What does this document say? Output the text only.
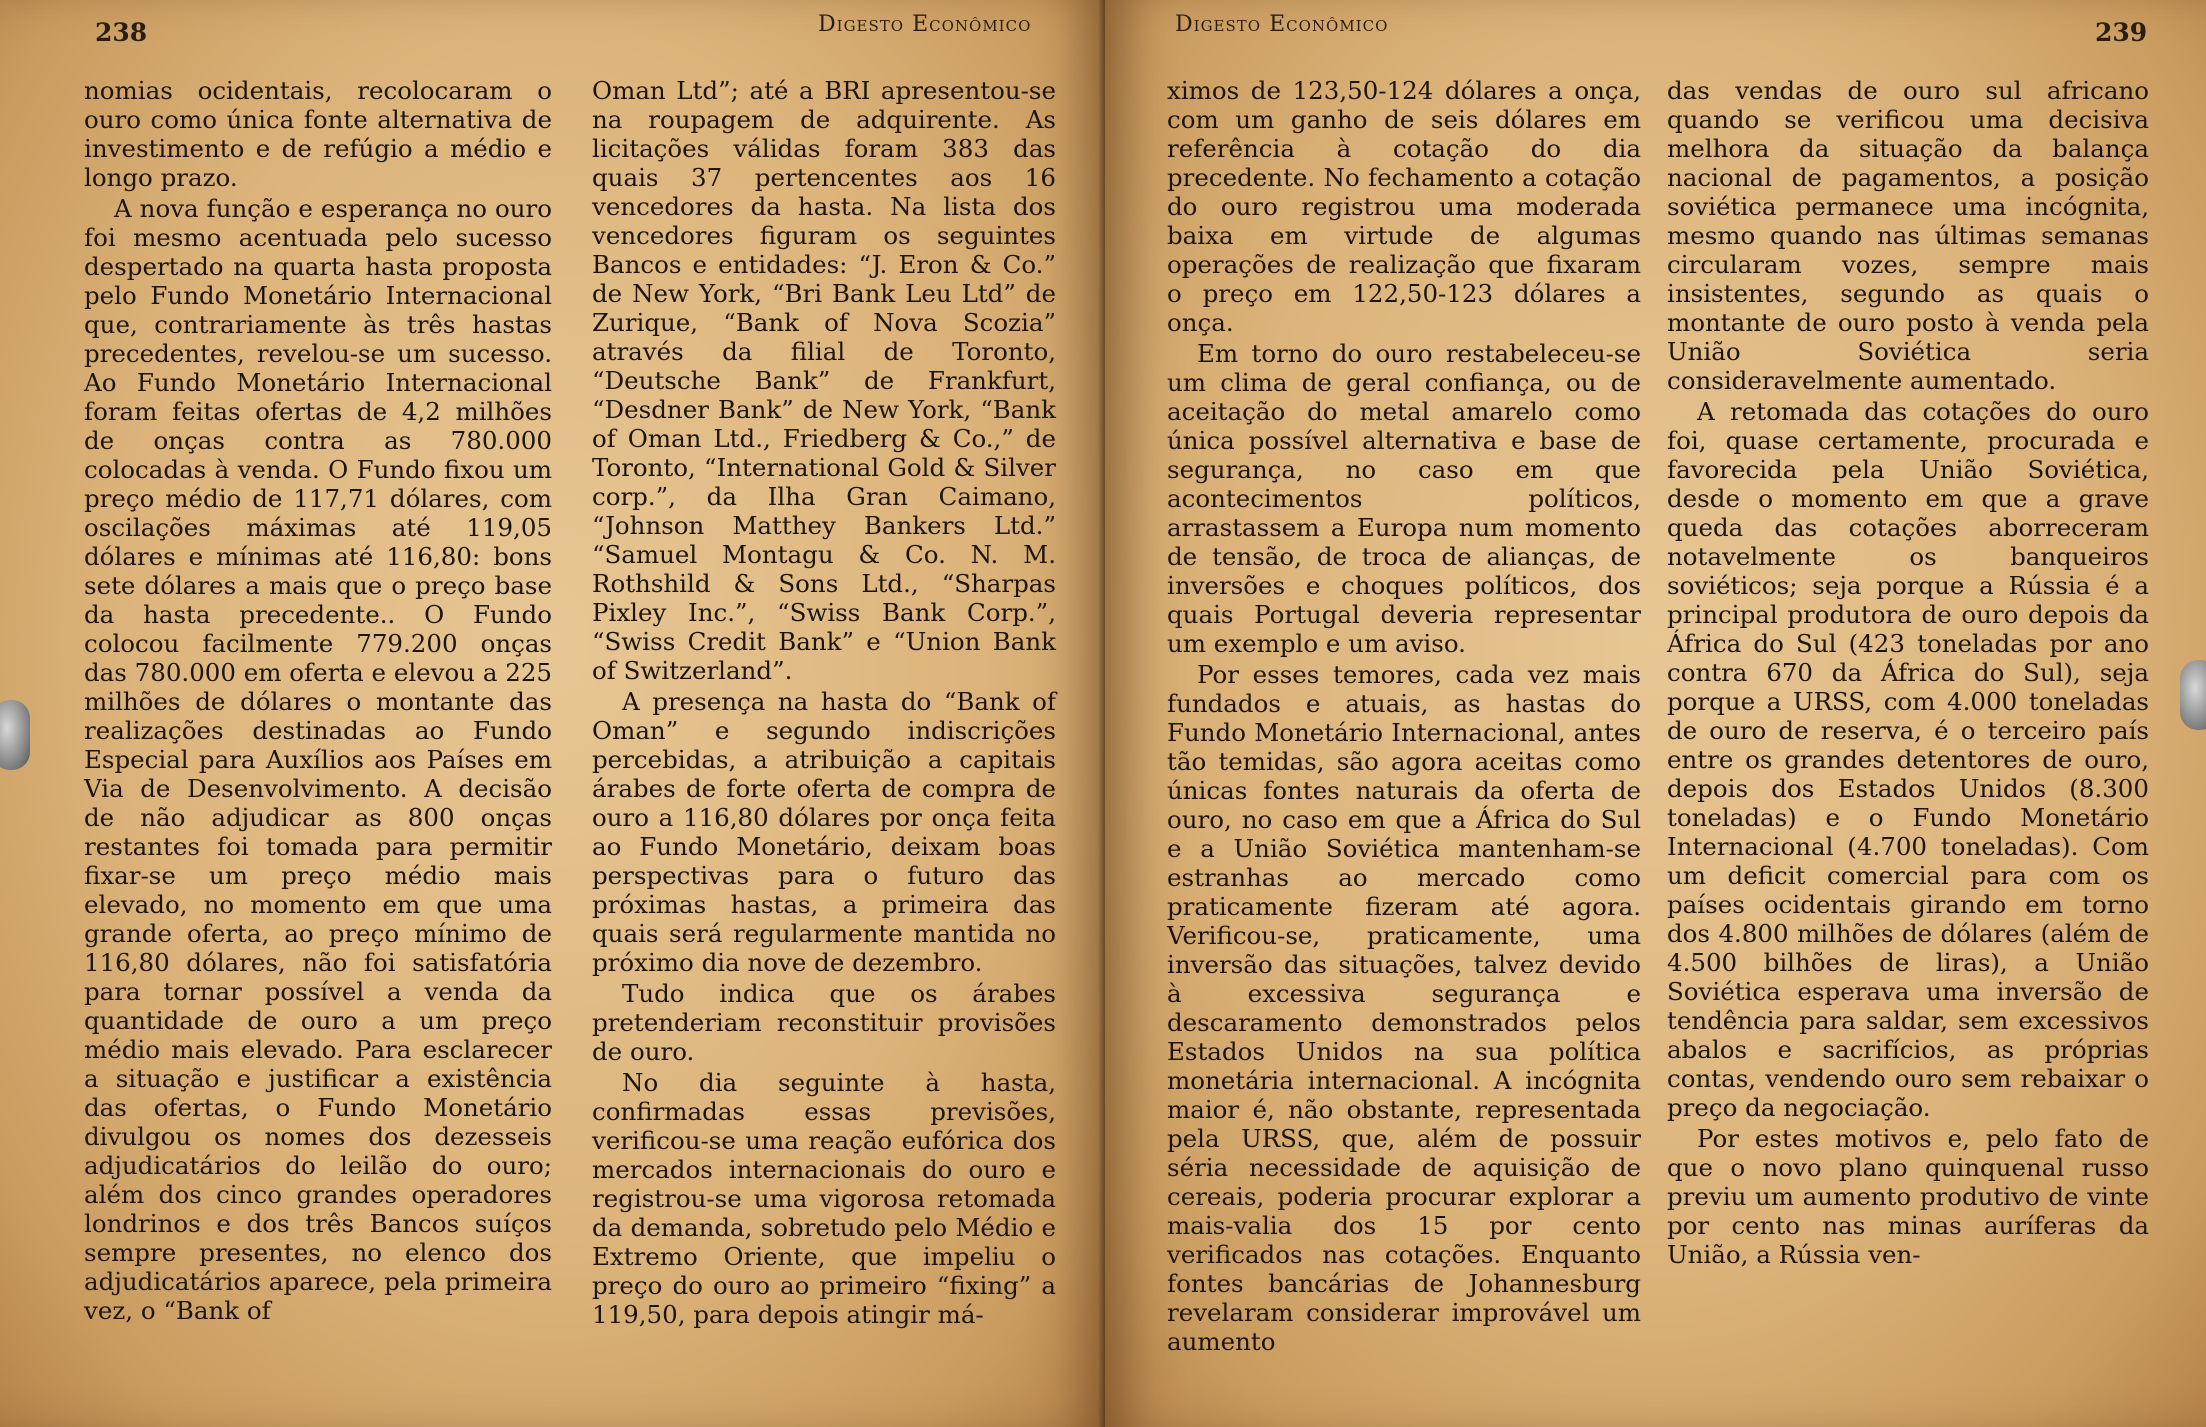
238	Digesto Econômico

nomias ocidentais, recolocaram o ouro como única fonte alternativa de investimento e de refúgio a médio e longo prazo.

A nova função e esperança no ouro foi mesmo acentuada pelo sucesso despertado na quarta hasta proposta pelo Fundo Monetário Internacional que, contrariamente às três hastas precedentes, revelou-se um sucesso. Ao Fundo Monetário Internacional foram feitas ofertas de 4,2 milhões de onças contra as 780.000 colocadas à venda. O Fundo fixou um preço médio de 117,71 dólares, com oscilações máximas até 119,05 dólares e mínimas até 116,80: bons sete dólares a mais que o preço base da hasta precedente.. O Fundo colocou facilmente 779.200 onças das 780.000 em oferta e elevou a 225 milhões de dólares o montante das realizações destinadas ao Fundo Especial para Auxílios aos Países em Via de Desenvolvimento. A decisão de não adjudicar as 800 onças restantes foi tomada para permitir fixar-se um preço médio mais elevado, no momento em que uma grande oferta, ao preço mínimo de 116,80 dólares, não foi satisfatória para tornar possível a venda da quantidade de ouro a um preço médio mais elevado. Para esclarecer a situação e justificar a existência das ofertas, o Fundo Monetário divulgou os nomes dos dezesseis adjudicatários do leilão do ouro; além dos cinco grandes operadores londrinos e dos três Bancos suíços sempre presentes, no elenco dos adjudicatários aparece, pela primeira vez, o “Bank of

Oman Ltd”; até a BRI apresentou-se na roupagem de adquirente. As licitações válidas foram 383 das quais 37 pertencentes aos 16 vencedores da hasta. Na lista dos vencedores figuram os seguintes Bancos e entidades: “J. Eron & Co.” de New York, “Bri Bank Leu Ltd” de Zurique, “Bank of Nova Scozia” através da filial de Toronto, “Deutsche Bank” de Frankfurt, “Desdner Bank” de New York, “Bank of Oman Ltd., Friedberg & Co.,” de Toronto, “International Gold & Silver corp.”, da Ilha Gran Caimano, “Johnson Matthey Bankers Ltd.” “Samuel Montagu & Co. N. M. Rothshild & Sons Ltd., “Sharpas Pixley Inc.”, “Swiss Bank Corp.”, “Swiss Credit Bank” e “Union Bank of Switzerland”.

A presença na hasta do “Bank of Oman” e segundo indiscrições percebidas, a atribuição a capitais árabes de forte oferta de compra de ouro a 116,80 dólares por onça feita ao Fundo Monetário, deixam boas perspectivas para o futuro das próximas hastas, a primeira das quais será regularmente mantida no próximo dia nove de dezembro.

Tudo indica que os árabes pretenderiam reconstituir provisões de ouro.

No dia seguinte à hasta, confirmadas essas previsões, verificou-se uma reação eufórica dos mercados internacionais do ouro e registrou-se uma vigorosa retomada da demanda, sobretudo pelo Médio e Extremo Oriente, que impeliu o preço do ouro ao primeiro “fixing” a 119,50, para depois atingir má-

Digesto Econômico	239

ximos de 123,50-124 dólares a onça, com um ganho de seis dólares em referência à cotação do dia precedente. No fechamento a cotação do ouro registrou uma moderada baixa em virtude de algumas operações de realização que fixaram o preço em 122,50-123 dólares a onça.

Em torno do ouro restabeleceu-se um clima de geral confiança, ou de aceitação do metal amarelo como única possível alternativa e base de segurança, no caso em que acontecimentos políticos, arrastassem a Europa num momento de tensão, de troca de alianças, de inversões e choques políticos, dos quais Portugal deveria representar um exemplo e um aviso.

Por esses temores, cada vez mais fundados e atuais, as hastas do Fundo Monetário Internacional, antes tão temidas, são agora aceitas como únicas fontes naturais da oferta de ouro, no caso em que a África do Sul e a União Soviética mantenham-se estranhas ao mercado como praticamente fizeram até agora. Verificou-se, praticamente, uma inversão das situações, talvez devido à excessiva segurança e descaramento demonstrados pelos Estados Unidos na sua política monetária internacional. A incógnita maior é, não obstante, representada pela URSS, que, além de possuir séria necessidade de aquisição de cereais, poderia procurar explorar a mais-valia dos 15 por cento verificados nas cotações. Enquanto fontes bancárias de Johannesburg revelaram considerar improvável um aumento

das vendas de ouro sul africano quando se verificou uma decisiva melhora da situação da balança nacional de pagamentos, a posição soviética permanece uma incógnita, mesmo quando nas últimas semanas circularam vozes, sempre mais insistentes, segundo as quais o montante de ouro posto à venda pela União Soviética seria consideravelmente aumentado.

A retomada das cotações do ouro foi, quase certamente, procurada e favorecida pela União Soviética, desde o momento em que a grave queda das cotações aborreceram notavelmente os banqueiros soviéticos; seja porque a Rússia é a principal produtora de ouro depois da África do Sul (423 toneladas por ano contra 670 da África do Sul), seja porque a URSS, com 4.000 toneladas de ouro de reserva, é o terceiro país entre os grandes detentores de ouro, depois dos Estados Unidos (8.300 toneladas) e o Fundo Monetário Internacional (4.700 toneladas). Com um deficit comercial para com os países ocidentais girando em torno dos 4.800 milhões de dólares (além de 4.500 bilhões de liras), a União Soviética esperava uma inversão de tendência para saldar, sem excessivos abalos e sacrifícios, as próprias contas, vendendo ouro sem rebaixar o preço da negociação.

Por estes motivos e, pelo fato de que o novo plano quinquenal russo previu um aumento produtivo de vinte por cento nas minas auríferas da União, a Rússia ven-
